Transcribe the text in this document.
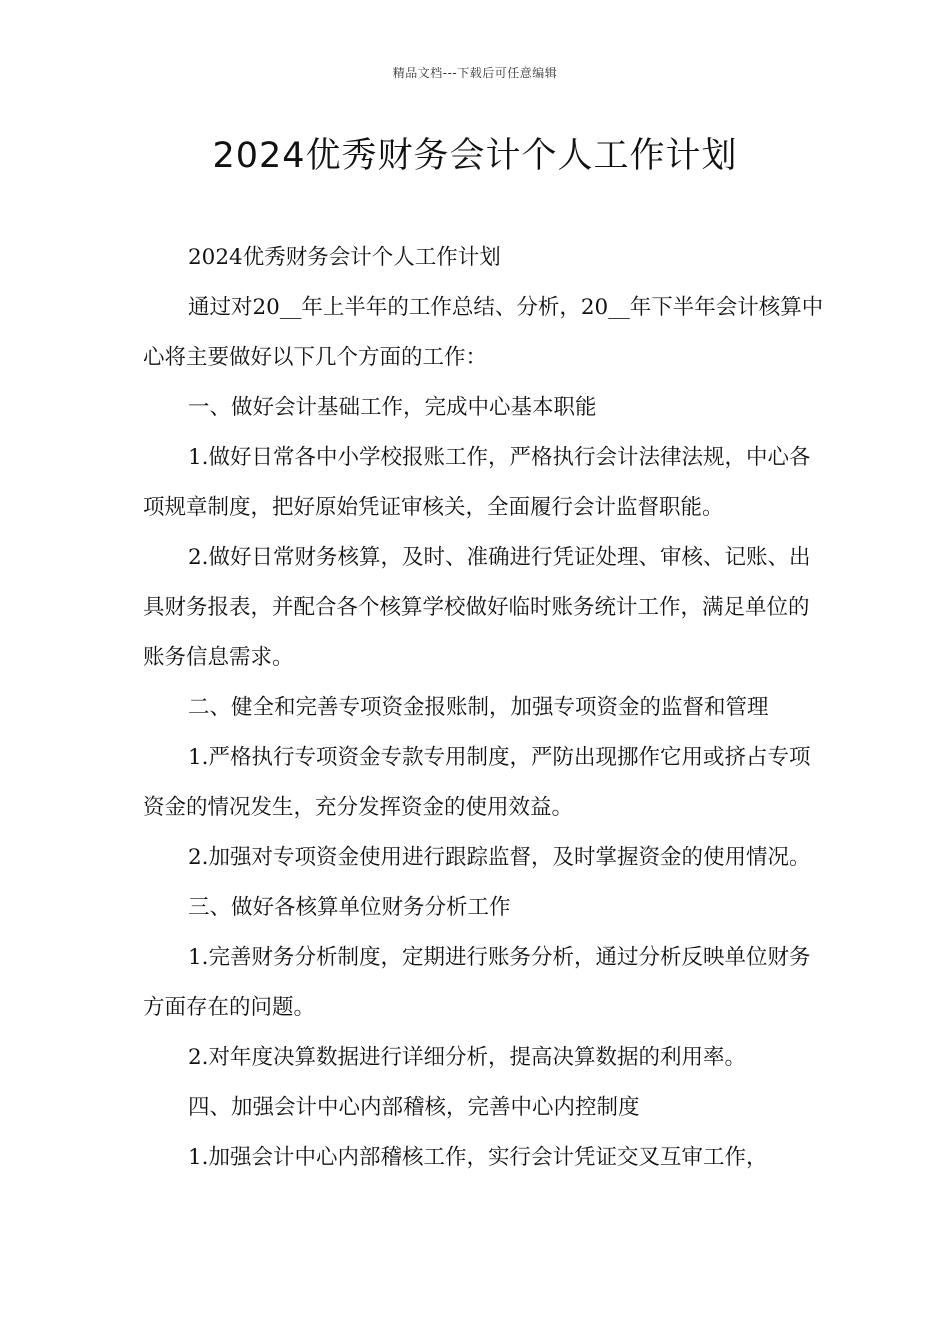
精品文档---下载后可任意编辑
2024优秀财务会计个人工作计划

2024优秀财务会计个人工作计划

通过对20__年上半年的工作总结、分析，20__年下半年会计核算中心将主要做好以下几个方面的工作：

一、做好会计基础工作，完成中心基本职能

1.做好日常各中小学校报账工作，严格执行会计法律法规，中心各项规章制度，把好原始凭证审核关，全面履行会计监督职能。

2.做好日常财务核算，及时、准确进行凭证处理、审核、记账、出具财务报表，并配合各个核算学校做好临时账务统计工作，满足单位的账务信息需求。

二、健全和完善专项资金报账制，加强专项资金的监督和管理

1.严格执行专项资金专款专用制度，严防出现挪作它用或挤占专项资金的情况发生，充分发挥资金的使用效益。

2.加强对专项资金使用进行跟踪监督，及时掌握资金的使用情况。

三、做好各核算单位财务分析工作

1.完善财务分析制度，定期进行账务分析，通过分析反映单位财务方面存在的问题。

2.对年度决算数据进行详细分析，提高决算数据的利用率。

四、加强会计中心内部稽核，完善中心内控制度

1.加强会计中心内部稽核工作，实行会计凭证交叉互审工作，
